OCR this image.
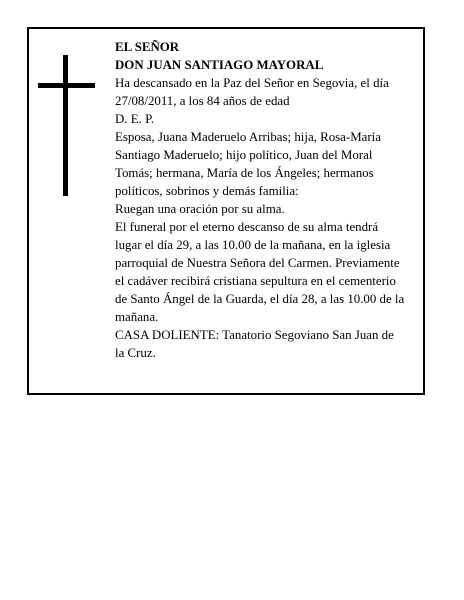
EL SEÑOR

DON JUAN SANTIAGO MAYORAL

Ha descansado en la Paz del Señor en Segovia, el día
27/08/2011, a los 84 años de edad

D. E. P.

Esposa, Juana Maderuelo Arribas; hija, Rosa-María
Santiago Maderuelo; hijo político, Juan del Moral
Tomás; hermana, María de los Ángeles; hermanos
políticos, sobrinos y demás familia:

Ruegan una oración por su alma.

El funeral por el eterno descanso de su alma tendrá
lugar el día 29, a las 10.00 de la mañana, en la iglesia
parroquial de Nuestra Señora del Carmen. Previamente
el cadáver recibirá cristiana sepultura en el cementerio
de Santo Ángel de la Guarda, el día 28, a las 10.00 de la
mañana.

CASA DOLIENTE: Tanatorio Segoviano San Juan de
la Cruz.
